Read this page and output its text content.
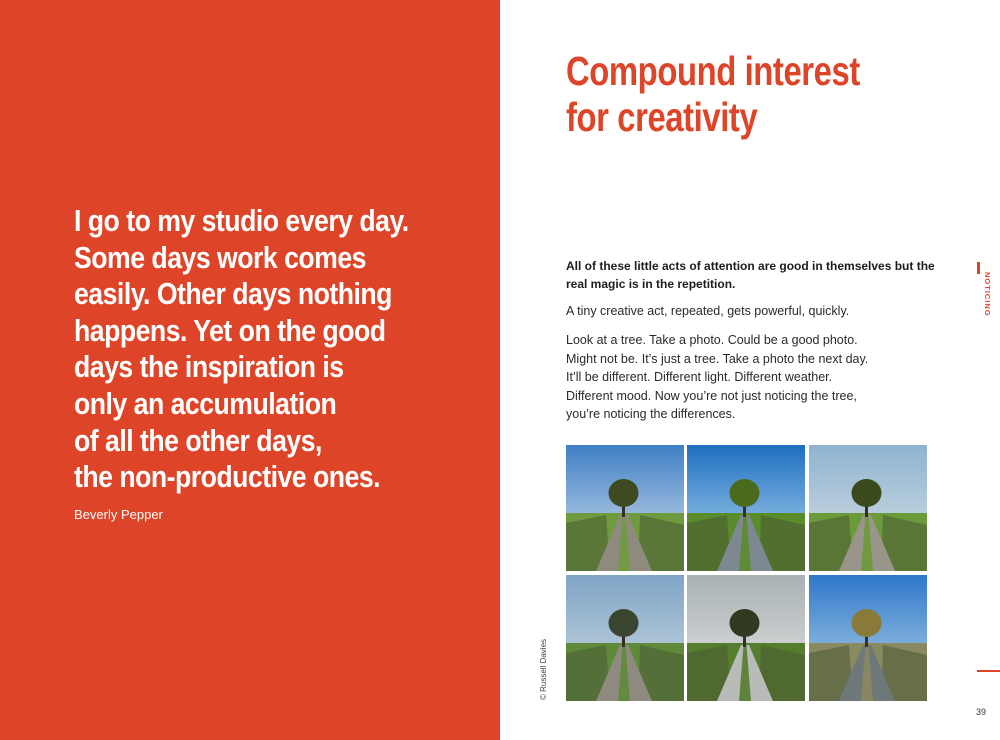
I go to my studio every day.
Some days work comes
easily. Other days nothing
happens. Yet on the good
days the inspiration is
only an accumulation
of all the other days,
the non-productive ones.

Beverly Pepper
Compound interest
for creativity

All of these little acts of attention are good in themselves but the real magic is in the repetition.

A tiny creative act, repeated, gets powerful, quickly.

Look at a tree. Take a photo. Could be a good photo.
Might not be. It’s just a tree. Take a photo the next day.
It’ll be different. Different light. Different weather.
Different mood. Now you’re not just noticing the tree,
you’re noticing the differences.

NOTICING
© Russell Davies
39
